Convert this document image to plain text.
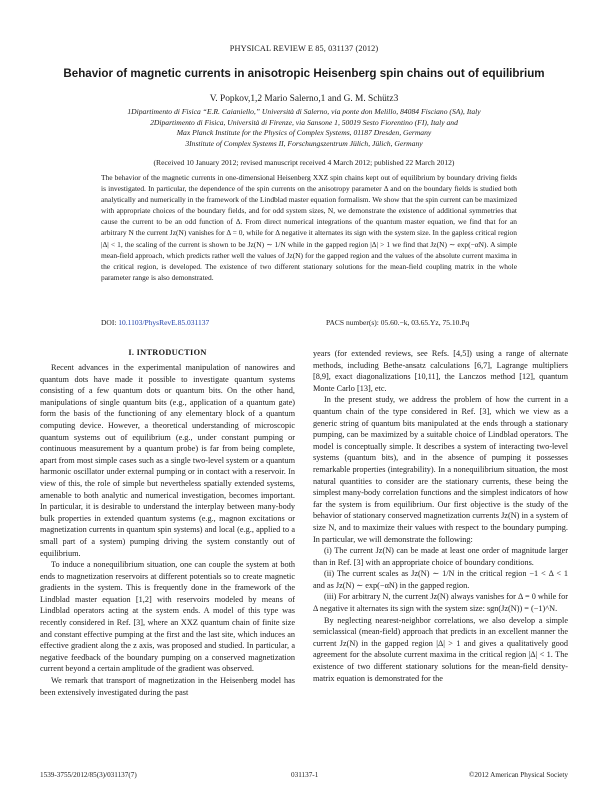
PHYSICAL REVIEW E 85, 031137 (2012)
Behavior of magnetic currents in anisotropic Heisenberg spin chains out of equilibrium
V. Popkov,1,2 Mario Salerno,1 and G. M. Schütz3
1Dipartimento di Fisica “E.R. Caianiello,” Università di Salerno, via ponte don Melillo, 84084 Fisciano (SA), Italy
2Dipartimento di Fisica, Università di Firenze, via Sansone 1, 50019 Sesto Fiorentino (FI), Italy and
Max Planck Institute for the Physics of Complex Systems, 01187 Dresden, Germany
3Institute of Complex Systems II, Forschungszentrum Jülich, Jülich, Germany
(Received 10 January 2012; revised manuscript received 4 March 2012; published 22 March 2012)
The behavior of the magnetic currents in one-dimensional Heisenberg XXZ spin chains kept out of equilibrium by boundary driving fields is investigated. In particular, the dependence of the spin currents on the anisotropy parameter Δ and on the boundary fields is studied both analytically and numerically in the framework of the Lindblad master equation formalism. We show that the spin current can be maximized with appropriate choices of the boundary fields, and for odd system sizes, N, we demonstrate the existence of additional symmetries that cause the current to be an odd function of Δ. From direct numerical integrations of the quantum master equation, we find that for an arbitrary N the current Jz(N) vanishes for Δ = 0, while for Δ negative it alternates its sign with the system size. In the gapless critical region |Δ| < 1, the scaling of the current is shown to be Jz(N) ∼ 1/N while in the gapped region |Δ| > 1 we find that Jz(N) ∼ exp(−αN). A simple mean-field approach, which predicts rather well the values of Jz(N) for the gapped region and the values of the absolute current maxima in the critical region, is developed. The existence of two different stationary solutions for the mean-field coupling matrix in the whole parameter range is also demonstrated.
DOI: 10.1103/PhysRevE.85.031137	PACS number(s): 05.60.−k, 03.65.Yz, 75.10.Pq
I. INTRODUCTION

Recent advances in the experimental manipulation of nanowires and quantum dots have made it possible to investigate quantum systems consisting of a few quantum dots or quantum bits. On the other hand, manipulations of single quantum bits (e.g., application of a quantum gate) form the basis of the functioning of any elementary block of a quantum computing device. However, a theoretical understanding of microscopic quantum systems out of equilibrium (e.g., under constant pumping or continuous measurement by a quantum probe) is far from being complete, apart from most simple cases such as a single two-level system or a quantum harmonic oscillator under external pumping or in contact with a reservoir. In view of this, the role of simple but nevertheless spatially extended systems, amenable to both analytic and numerical investigation, becomes important. In particular, it is desirable to understand the interplay between many-body bulk properties in extended quantum systems (e.g., magnon excitations or magnetization currents in quantum spin systems) and local (e.g., applied to a small part of a system) pumping driving the system constantly out of equilibrium.

To induce a nonequilibrium situation, one can couple the system at both ends to magnetization reservoirs at different potentials so to create magnetic gradients in the system. This is frequently done in the framework of the Lindblad master equation [1,2] with reservoirs modeled by means of Lindblad operators acting at the system ends. A model of this type was recently considered in Ref. [3], where an XXZ quantum chain of finite size and constant effective pumping at the first and the last site, which induces an effective gradient along the z axis, was proposed and studied. In particular, a negative feedback of the boundary pumping on a conserved magnetization current beyond a certain amplitude of the gradient was observed.

We remark that transport of magnetization in the Heisenberg model has been extensively investigated during the past

years (for extended reviews, see Refs. [4,5]) using a range of alternate methods, including Bethe-ansatz calculations [6,7], Lagrange multipliers [8,9], exact diagonalizations [10,11], the Lanczos method [12], quantum Monte Carlo [13], etc.

In the present study, we address the problem of how the current in a quantum chain of the type considered in Ref. [3], which we view as a generic string of quantum bits manipulated at the ends through a stationary pumping, can be maximized by a suitable choice of Lindblad operators. The model is conceptually simple. It describes a system of interacting two-level systems (quantum bits), and in the absence of pumping it possesses remarkable properties (integrability). In a nonequilibrium situation, the most natural quantities to consider are the stationary currents, these being the simplest many-body correlation functions and the simplest indicators of how far the system is from equilibrium. Our first objective is the study of the behavior of stationary conserved magnetization currents Jz(N) in a system of size N, and to maximize their values with respect to the boundary pumping. In particular, we will demonstrate the following:

(i) The current Jz(N) can be made at least one order of magnitude larger than in Ref. [3] with an appropriate choice of boundary conditions.

(ii) The current scales as Jz(N) ∼ 1/N in the critical region −1 < Δ < 1 and as Jz(N) ∼ exp(−αN) in the gapped region.

(iii) For arbitrary N, the current Jz(N) always vanishes for Δ = 0 while for Δ negative it alternates its sign with the system size: sgn(Jz(N)) = (−1)^N.

By neglecting nearest-neighbor correlations, we also develop a simple semiclassical (mean-field) approach that predicts in an excellent manner the current Jz(N) in the gapped region |Δ| > 1 and gives a qualitatively good agreement for the absolute current maxima in the critical region |Δ| < 1. The existence of two different stationary solutions for the mean-field density-matrix equation is demonstrated for the

1539-3755/2012/85(3)/031137(7)	031137-1	©2012 American Physical Society
